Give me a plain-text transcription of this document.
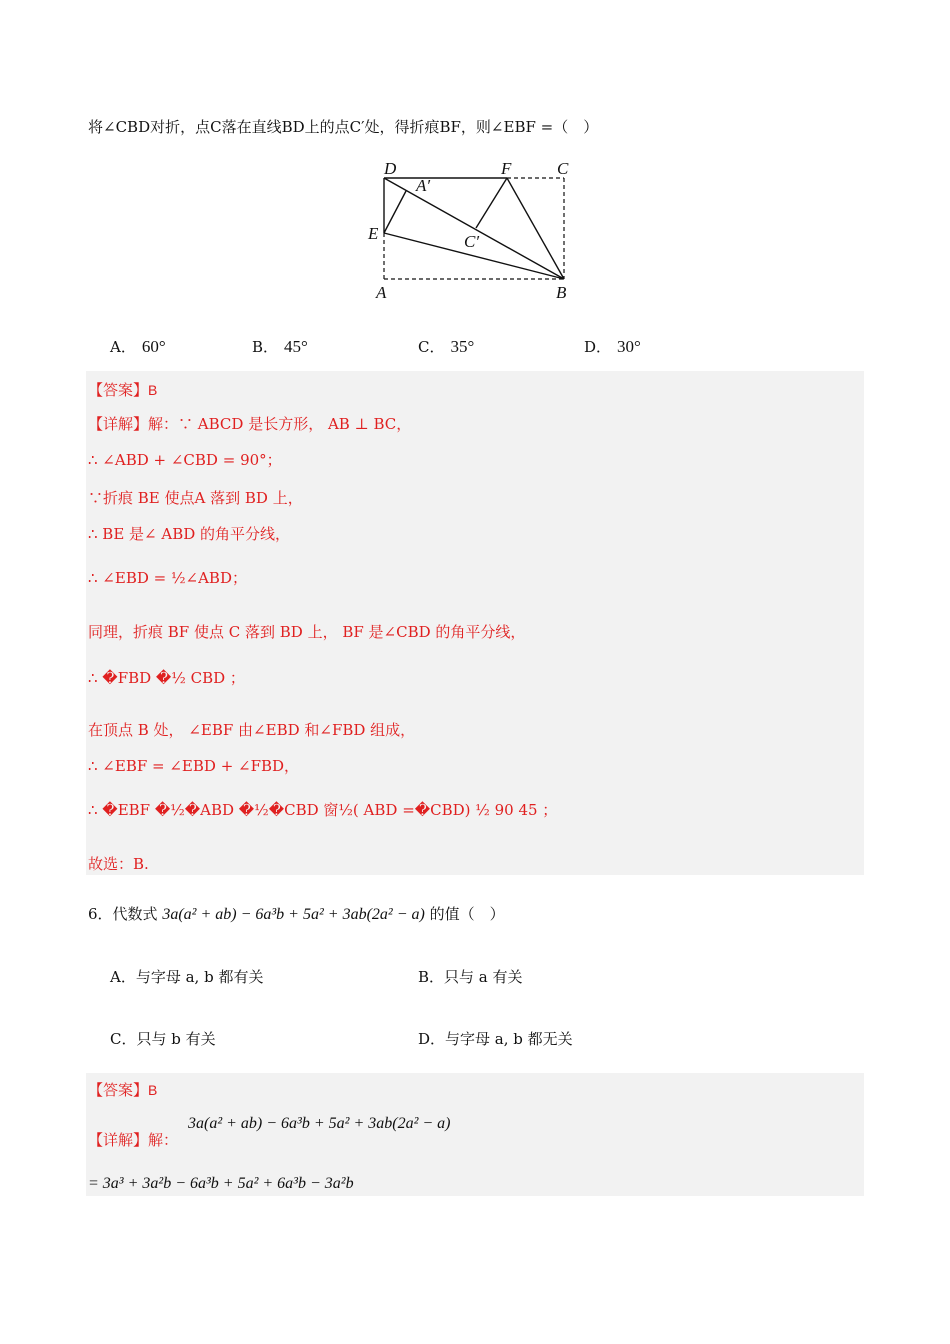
将∠CBD对折，点C落在直线BD上的点C′处，得折痕BF，则∠EBF =（　）
D	F	C
A′
E	C′
A	B
A． 60°	B． 45°	C． 35°	D． 30°
【答案】B
【详解】解：∵ ABCD 是长方形， AB ⊥ BC，
∴ ∠ABD + ∠CBD = 90°；
∵折痕 BE 使点A 落到 BD 上，
∴ BE 是∠ ABD 的角平分线，
∴ ∠EBD = ½∠ABD；
同理，折痕 BF 使点 C 落到 BD 上， BF 是∠CBD 的角平分线，
∴ �FBD �½ CBD ；
在顶点 B 处， ∠EBF 由∠EBD 和∠FBD 组成，
∴ ∠EBF = ∠EBD + ∠FBD，
∴ �EBF �½�ABD �½�CBD 窗½( ABD =�CBD) ½ 90 45 ；
故选：B.
6．代数式 3a(a² + ab) − 6a³b + 5a² + 3ab(2a² − a) 的值（　）
A．与字母 a, b 都有关	B．只与 a 有关
C．只与 b 有关	D．与字母 a, b 都无关
【答案】B
【详解】解：
3a(a² + ab) − 6a³b + 5a² + 3ab(2a² − a)
= 3a³ + 3a²b − 6a³b + 5a² + 6a³b − 3a²b
